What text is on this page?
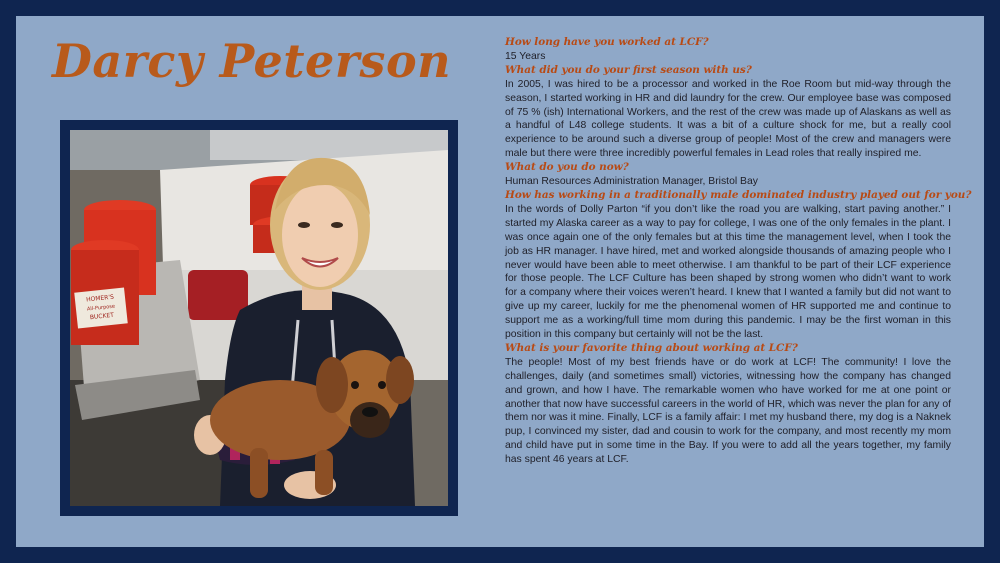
Darcy Peterson
HOMER'S
All-Purpose
BUCKET
How long have you worked at LCF?

15 Years

What did you do your first season with us?

In 2005, I was hired to be a processor and worked in the Roe Room but mid-way through the season, I started working in HR and did laundry for the crew. Our employee base was composed of 75 % (ish) International Workers, and the rest of the crew was made up of Alaskans as well as a handful of L48 college students. It was a bit of a culture shock for me, but a really cool experience to be around such a diverse group of people! Most of the crew and managers were male but there were three incredibly powerful females in Lead roles that really inspired me.

What do you do now?

Human Resources Administration Manager, Bristol Bay

How has working in a traditionally male dominated industry played out for you?

In the words of Dolly Parton “if you don’t like the road you are walking, start paving another.” I started my Alaska career as a way to pay for college, I was one of the only females in the plant. I was once again one of the only females but at this time the management level, when I took the job as HR manager. I have hired, met and worked alongside thousands of amazing people who I never would have been able to meet otherwise. I am thankful to be part of their LCF experience for those people. The LCF Culture has been shaped by strong women who didn’t want to work for a company where their voices weren’t heard. I knew that I wanted a family but did not want to give up my career, luckily for me the phenomenal women of HR supported me and continue to support me as a working/full time mom during this pandemic. I may be the first woman in this position in this company but certainly will not be the last.

What is your favorite thing about working at LCF?

The people! Most of my best friends have or do work at LCF! The community! I love the challenges, daily (and sometimes small) victories, witnessing how the company has changed and grown, and how I have. The remarkable women who have worked for me at one point or another that now have successful careers in the world of HR, which was never the plan for any of them nor was it mine. Finally, LCF is a family affair: I met my husband there, my dog is a Naknek pup, I convinced my sister, dad and cousin to work for the company, and most recently my mom and child have put in some time in the Bay. If you were to add all the years together, my family has spent 46 years at LCF.
